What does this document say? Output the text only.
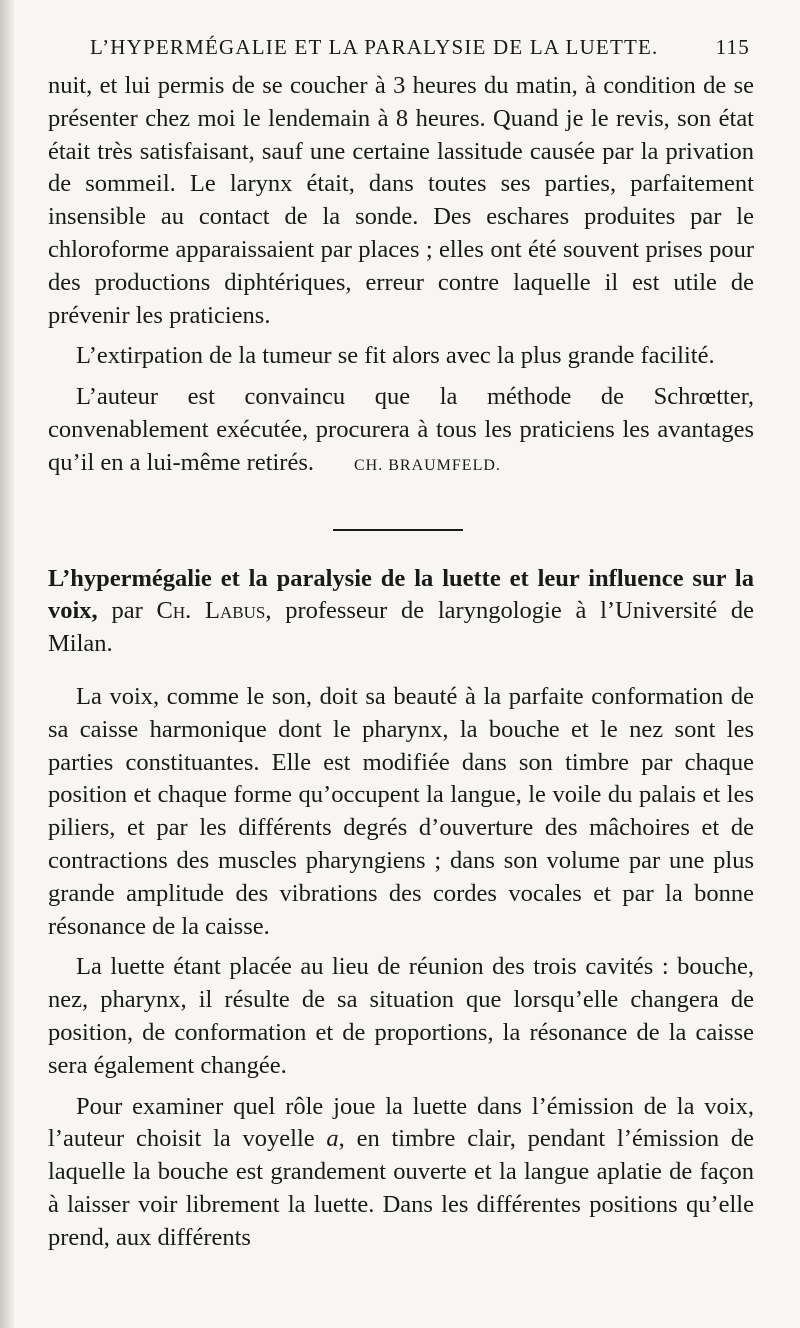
L’HYPERMÉGALIE ET LA PARALYSIE DE LA LUETTE.	115

nuit, et lui permis de se coucher à 3 heures du matin, à condition de se présenter chez moi le lendemain à 8 heures. Quand je le revis, son état était très satisfaisant, sauf une certaine lassitude causée par la privation de sommeil. Le larynx était, dans toutes ses parties, parfaitement insensible au contact de la sonde. Des eschares produites par le chloroforme apparaissaient par places ; elles ont été souvent prises pour des productions diphtériques, erreur contre laquelle il est utile de prévenir les praticiens.

L’extirpation de la tumeur se fit alors avec la plus grande facilité.

L’auteur est convaincu que la méthode de Schrœtter, convenablement exécutée, procurera à tous les praticiens les avantages qu’il en a lui-même retirés.	CH. BRAUMFELD.

L’hypermégalie et la paralysie de la luette et leur influence sur la voix, par Ch. Labus, professeur de laryngologie à l’Université de Milan.

La voix, comme le son, doit sa beauté à la parfaite conformation de sa caisse harmonique dont le pharynx, la bouche et le nez sont les parties constituantes. Elle est modifiée dans son timbre par chaque position et chaque forme qu’occupent la langue, le voile du palais et les piliers, et par les différents degrés d’ouverture des mâchoires et de contractions des muscles pharyngiens ; dans son volume par une plus grande amplitude des vibrations des cordes vocales et par la bonne résonance de la caisse.

La luette étant placée au lieu de réunion des trois cavités : bouche, nez, pharynx, il résulte de sa situation que lorsqu’elle changera de position, de conformation et de proportions, la résonance de la caisse sera également changée.

Pour examiner quel rôle joue la luette dans l’émission de la voix, l’auteur choisit la voyelle a, en timbre clair, pendant l’émission de laquelle la bouche est grandement ouverte et la langue aplatie de façon à laisser voir librement la luette. Dans les différentes positions qu’elle prend, aux différents
